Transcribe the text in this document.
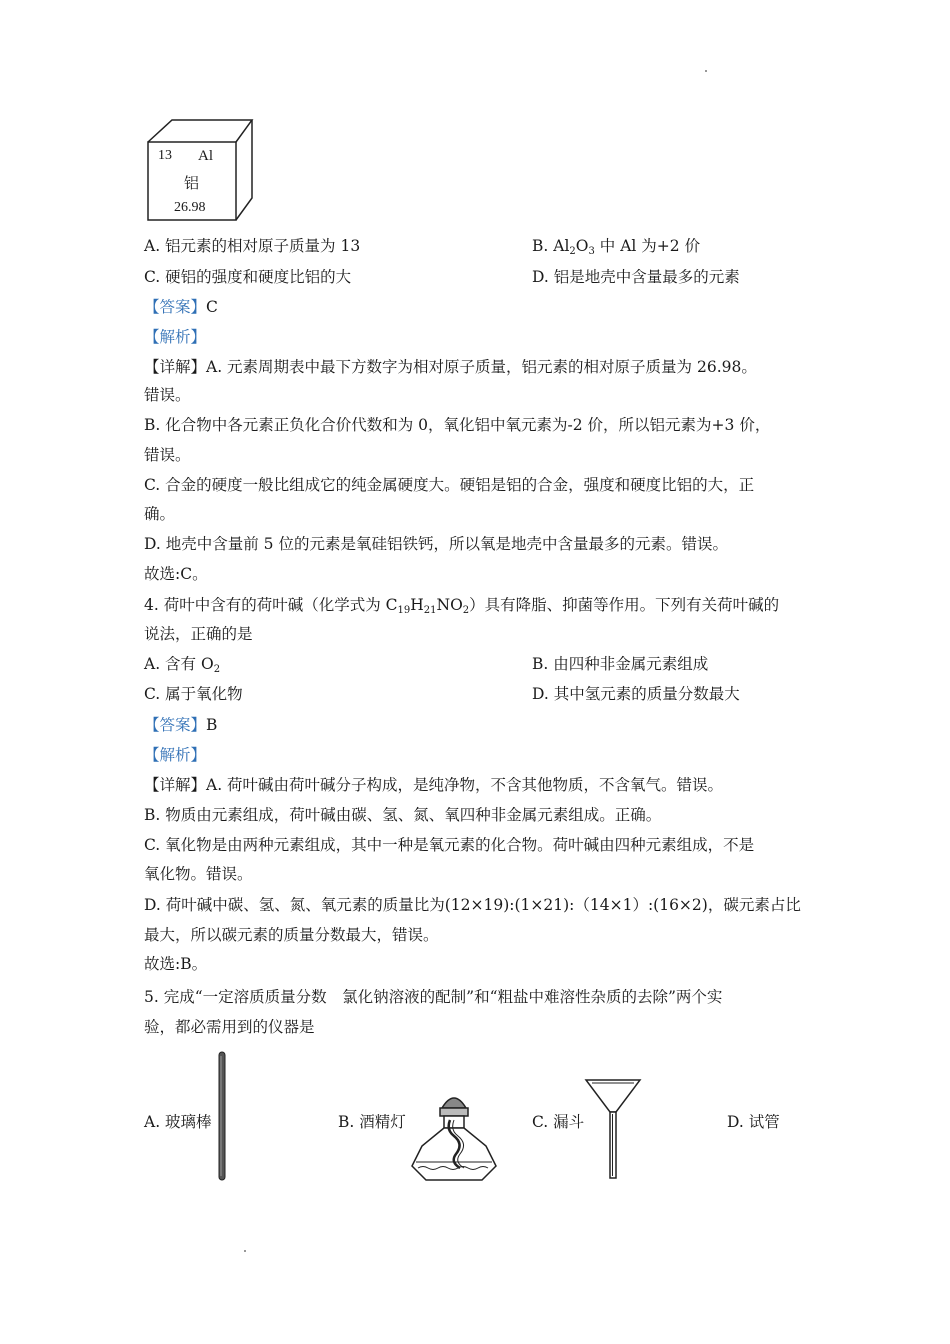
13 Al
铝
26.98
A. 铝元素的相对原子质量为 13	B. $Al_2O_3$ 中 Al 为+2 价
C. 硬铝的强度和硬度比铝的大	D. 铝是地壳中含量最多的元素
【答案】C
【解析】
【详解】A. 元素周期表中最下方数字为相对原子质量，铝元素的相对原子质量为 26.98。
错误。
B. 化合物中各元素正负化合价代数和为 0，氧化铝中氧元素为-2 价，所以铝元素为+3 价，
错误。
C. 合金的硬度一般比组成它的纯金属硬度大。硬铝是铝的合金，强度和硬度比铝的大，正
确。
D. 地壳中含量前 5 位的元素是氧硅铝铁钙，所以氧是地壳中含量最多的元素。错误。
故选:C。
4. 荷叶中含有的荷叶碱（化学式为 $C_{19}H_{21}NO_2$）具有降脂、抑菌等作用。下列有关荷叶碱的
说法，正确的是
A. 含有 $O_2$	B. 由四种非金属元素组成
C. 属于氧化物	D. 其中氢元素的质量分数最大
【答案】B
【解析】
【详解】A. 荷叶碱由荷叶碱分子构成，是纯净物，不含其他物质，不含氧气。错误。
B. 物质由元素组成，荷叶碱由碳、氢、氮、氧四种非金属元素组成。正确。
C. 氧化物是由两种元素组成，其中一种是氧元素的化合物。荷叶碱由四种元素组成，不是
氧化物。错误。
D. 荷叶碱中碳、氢、氮、氧元素的质量比为(12×19):(1×21):（14×1）:(16×2)，碳元素占比
最大，所以碳元素的质量分数最大，错误。
故选:B。
5. 完成“一定溶质质量分数　氯化钠溶液的配制”和“粗盐中难溶性杂质的去除”两个实
验，都必需用到的仪器是
A. 玻璃棒	B. 酒精灯	C. 漏斗	D. 试管
